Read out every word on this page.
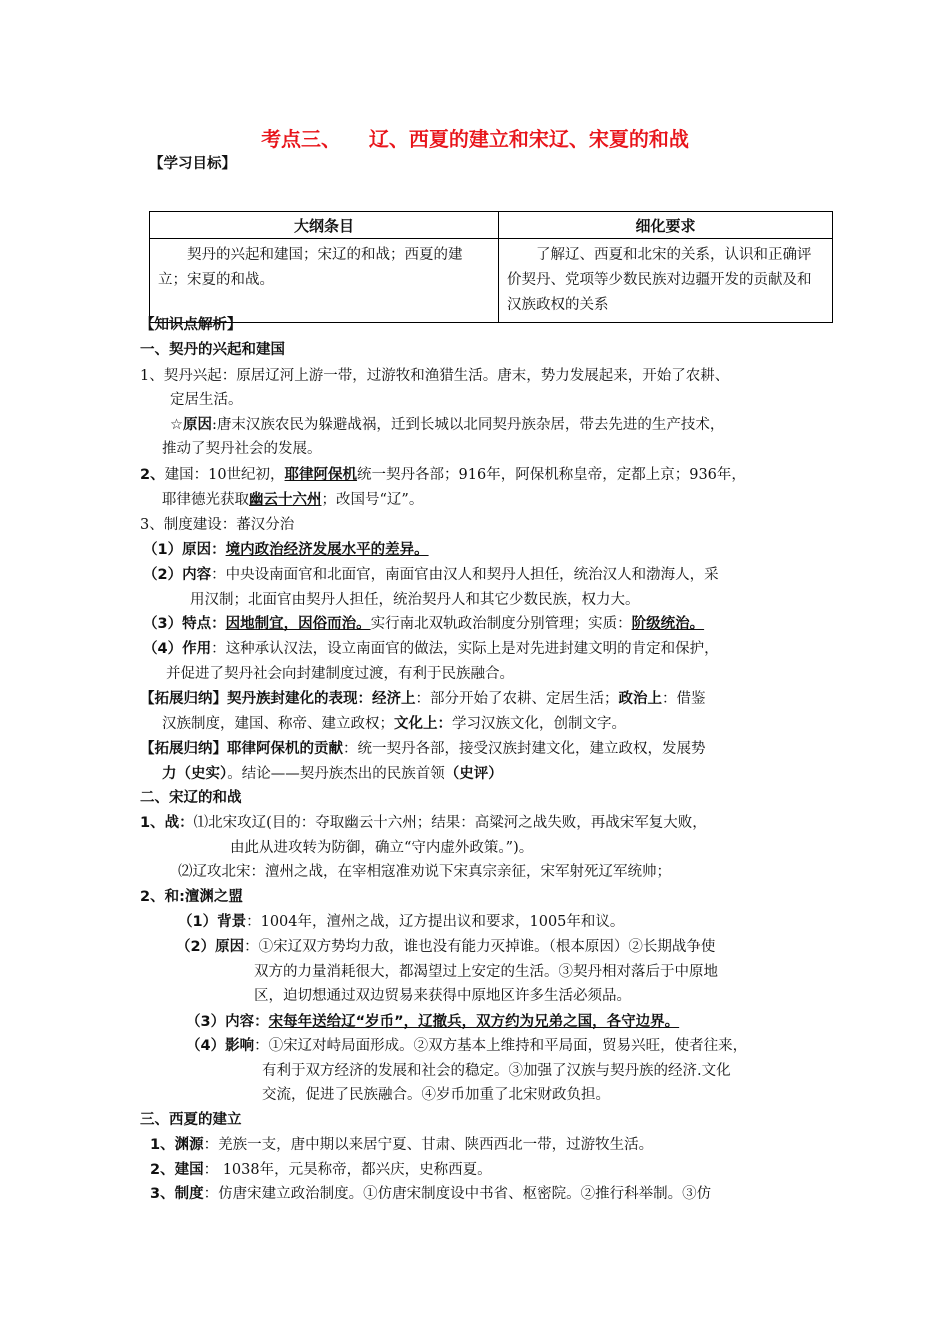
考点三、    辽、西夏的建立和宋辽、宋夏的和战
【学习目标】
大纲条目	细化要求
契丹的兴起和建国；宋辽的和战；西夏的建立；宋夏的和战。	了解辽、西夏和北宋的关系，认识和正确评价契丹、党项等少数民族对边疆开发的贡献及和汉族政权的关系
【知识点解析】
一、契丹的兴起和建国
1、契丹兴起：原居辽河上游一带，过游牧和渔猎生活。唐末，势力发展起来，开始了农耕、
定居生活。
☆原因:唐末汉族农民为躲避战祸，迁到长城以北同契丹族杂居，带去先进的生产技术，
推动了契丹社会的发展。
2、建国：10世纪初，耶律阿保机统一契丹各部；916年，阿保机称皇帝，定都上京；936年，
耶律德光获取幽云十六州；改国号“辽”。
3、制度建设：蕃汉分治
（1）原因：境内政治经济发展水平的差异。
（2）内容：中央设南面官和北面官，南面官由汉人和契丹人担任，统治汉人和渤海人，采
用汉制；北面官由契丹人担任，统治契丹人和其它少数民族，权力大。
（3）特点：因地制宜，因俗而治。实行南北双轨政治制度分别管理；实质：阶级统治。
（4）作用：这种承认汉法，设立南面官的做法，实际上是对先进封建文明的肯定和保护，
并促进了契丹社会向封建制度过渡，有利于民族融合。
【拓展归纳】契丹族封建化的表现：经济上：部分开始了农耕、定居生活；政治上：借鉴
汉族制度，建国、称帝、建立政权；文化上：学习汉族文化，创制文字。
【拓展归纳】耶律阿保机的贡献：统一契丹各部，接受汉族封建文化，建立政权，发展势
力（史实）。结论——契丹族杰出的民族首领（史评）
二、宋辽的和战
1、战：⑴北宋攻辽(目的：夺取幽云十六州；结果：高粱河之战失败，再战宋军复大败，
由此从进攻转为防御，确立“守内虚外政策。”)。
⑵辽攻北宋：澶州之战，在宰相寇准劝说下宋真宗亲征，宋军射死辽军统帅；
2、和:澶渊之盟
（1）背景：1004年，澶州之战，辽方提出议和要求，1005年和议。
（2）原因：①宋辽双方势均力敌，谁也没有能力灭掉谁。（根本原因）②长期战争使
双方的力量消耗很大，都渴望过上安定的生活。③契丹相对落后于中原地
区，迫切想通过双边贸易来获得中原地区许多生活必须品。
（3）内容：宋每年送给辽“岁币”，辽撤兵，双方约为兄弟之国，各守边界。
（4）影响：①宋辽对峙局面形成。②双方基本上维持和平局面，贸易兴旺，使者往来，
有利于双方经济的发展和社会的稳定。③加强了汉族与契丹族的经济.文化
交流，促进了民族融合。④岁币加重了北宋财政负担。
三、西夏的建立
1、渊源：羌族一支，唐中期以来居宁夏、甘肃、陕西西北一带，过游牧生活。
2、建国： 1038年，元昊称帝，都兴庆，史称西夏。
3、制度：仿唐宋建立政治制度。①仿唐宋制度设中书省、枢密院。②推行科举制。③仿
